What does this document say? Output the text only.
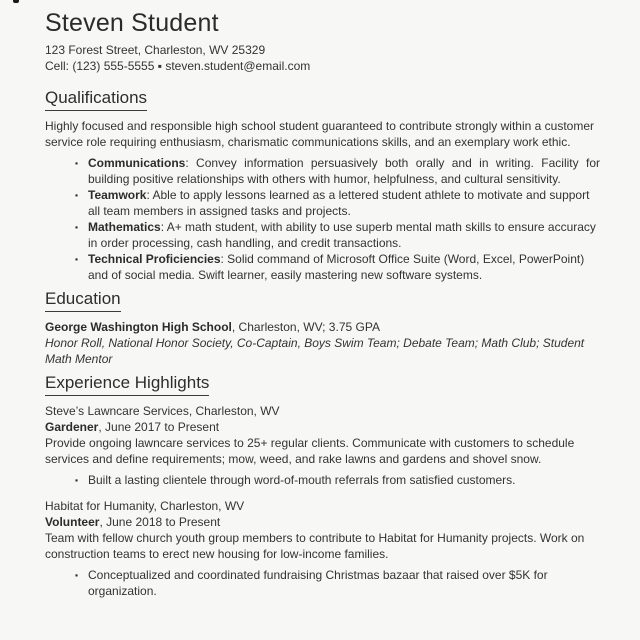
Steven Student

123 Forest Street, Charleston, WV 25329

Cell: (123) 555-5555 ▪ steven.student@email.com

Qualifications

Highly focused and responsible high school student guaranteed to contribute strongly within a customer service role requiring enthusiasm, charismatic communications skills, and an exemplary work ethic.

▪ Communications: Convey information persuasively both orally and in writing. Facility for building positive relationships with others with humor, helpfulness, and cultural sensitivity.
▪ Teamwork: Able to apply lessons learned as a lettered student athlete to motivate and support all team members in assigned tasks and projects.
▪ Mathematics: A+ math student, with ability to use superb mental math skills to ensure accuracy in order processing, cash handling, and credit transactions.
▪ Technical Proficiencies: Solid command of Microsoft Office Suite (Word, Excel, PowerPoint) and of social media. Swift learner, easily mastering new software systems.
Education

George Washington High School, Charleston, WV; 3.75 GPA

Honor Roll, National Honor Society, Co-Captain, Boys Swim Team; Debate Team; Math Club; Student Math Mentor

Experience Highlights

Steve’s Lawncare Services, Charleston, WV

Gardener, June 2017 to Present

Provide ongoing lawncare services to 25+ regular clients. Communicate with customers to schedule services and define requirements; mow, weed, and rake lawns and gardens and shovel snow.

▪ Built a lasting clientele through word-of-mouth referrals from satisfied customers.

Habitat for Humanity, Charleston, WV

Volunteer, June 2018 to Present

Team with fellow church youth group members to contribute to Habitat for Humanity projects. Work on construction teams to erect new housing for low-income families.

▪ Conceptualized and coordinated fundraising Christmas bazaar that raised over $5K for organization.
